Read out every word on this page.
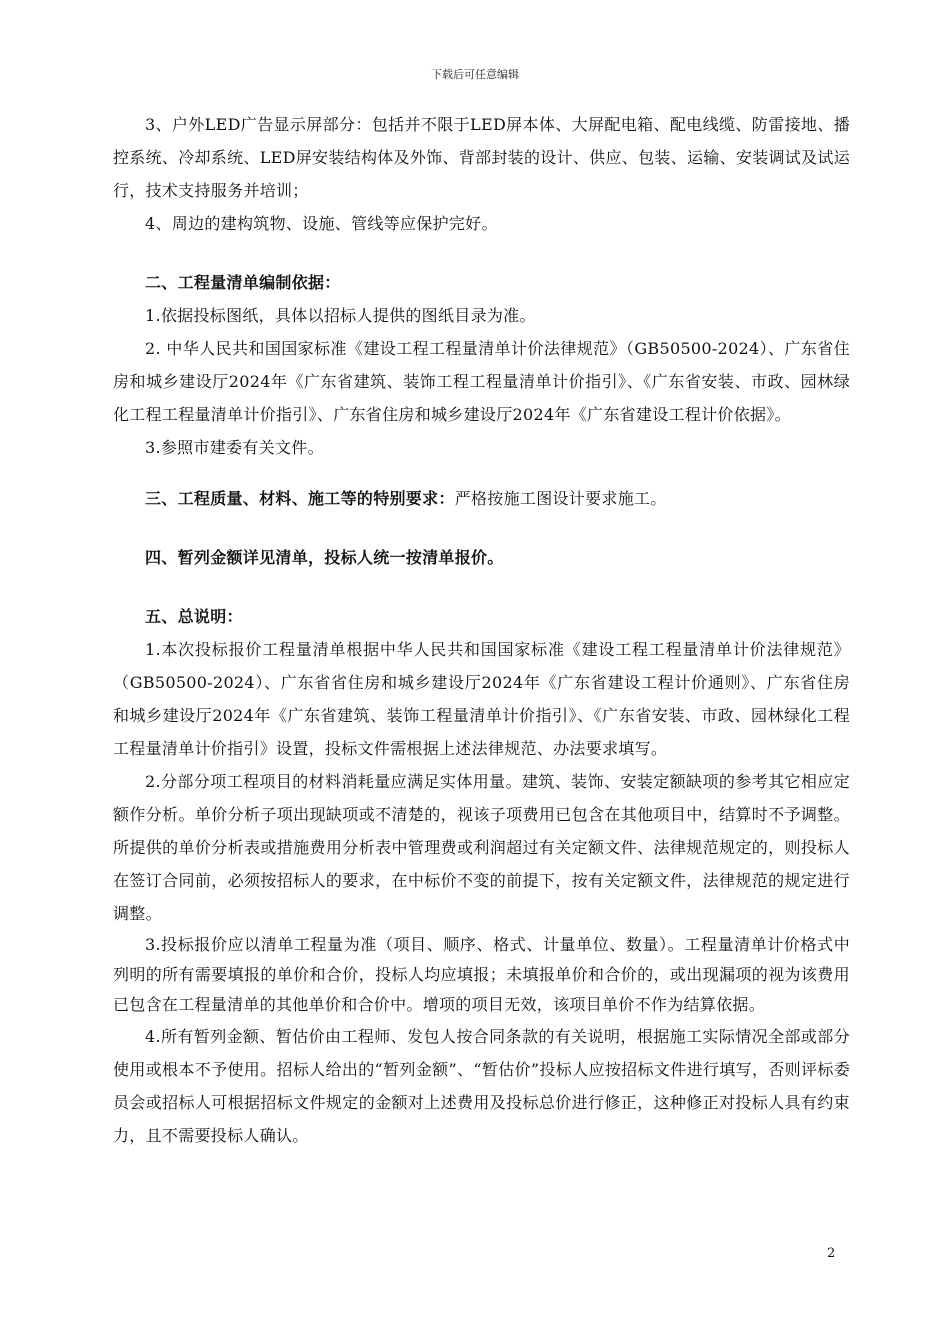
下载后可任意编辑

3、户外LED广告显示屏部分：包括并不限于LED屏本体、大屏配电箱、配电线缆、防雷接地、播控系统、冷却系统、LED屏安装结构体及外饰、背部封装的设计、供应、包装、运输、安装调试及试运行，技术支持服务并培训；

4、周边的建构筑物、设施、管线等应保护完好。

二、工程量清单编制依据：

1.依据投标图纸，具体以招标人提供的图纸目录为准。

2. 中华人民共和国国家标准《建设工程工程量清单计价法律规范》（GB50500-2024）、广东省住房和城乡建设厅2024年《广东省建筑、装饰工程工程量清单计价指引》、《广东省安装、市政、园林绿化工程工程量清单计价指引》、广东省住房和城乡建设厅2024年《广东省建设工程计价依据》。

3.参照市建委有关文件。

三、工程质量、材料、施工等的特别要求：严格按施工图设计要求施工。

四、暂列金额详见清单，投标人统一按清单报价。

五、总说明：

1.本次投标报价工程量清单根据中华人民共和国国家标准《建设工程工程量清单计价法律规范》（GB50500-2024）、广东省省住房和城乡建设厅2024年《广东省建设工程计价通则》、广东省住房和城乡建设厅2024年《广东省建筑、装饰工程量清单计价指引》、《广东省安装、市政、园林绿化工程工程量清单计价指引》设置，投标文件需根据上述法律规范、办法要求填写。

2.分部分项工程项目的材料消耗量应满足实体用量。建筑、装饰、安装定额缺项的参考其它相应定额作分析。单价分析子项出现缺项或不清楚的，视该子项费用已包含在其他项目中，结算时不予调整。所提供的单价分析表或措施费用分析表中管理费或利润超过有关定额文件、法律规范规定的，则投标人在签订合同前，必须按招标人的要求，在中标价不变的前提下，按有关定额文件，法律规范的规定进行调整。

3.投标报价应以清单工程量为准（项目、顺序、格式、计量单位、数量）。工程量清单计价格式中列明的所有需要填报的单价和合价，投标人均应填报；未填报单价和合价的，或出现漏项的视为该费用已包含在工程量清单的其他单价和合价中。增项的项目无效，该项目单价不作为结算依据。

4.所有暂列金额、暂估价由工程师、发包人按合同条款的有关说明，根据施工实际情况全部或部分使用或根本不予使用。招标人给出的“暂列金额”、“暂估价”投标人应按招标文件进行填写，否则评标委员会或招标人可根据招标文件规定的金额对上述费用及投标总价进行修正，这种修正对投标人具有约束力，且不需要投标人确认。

2
